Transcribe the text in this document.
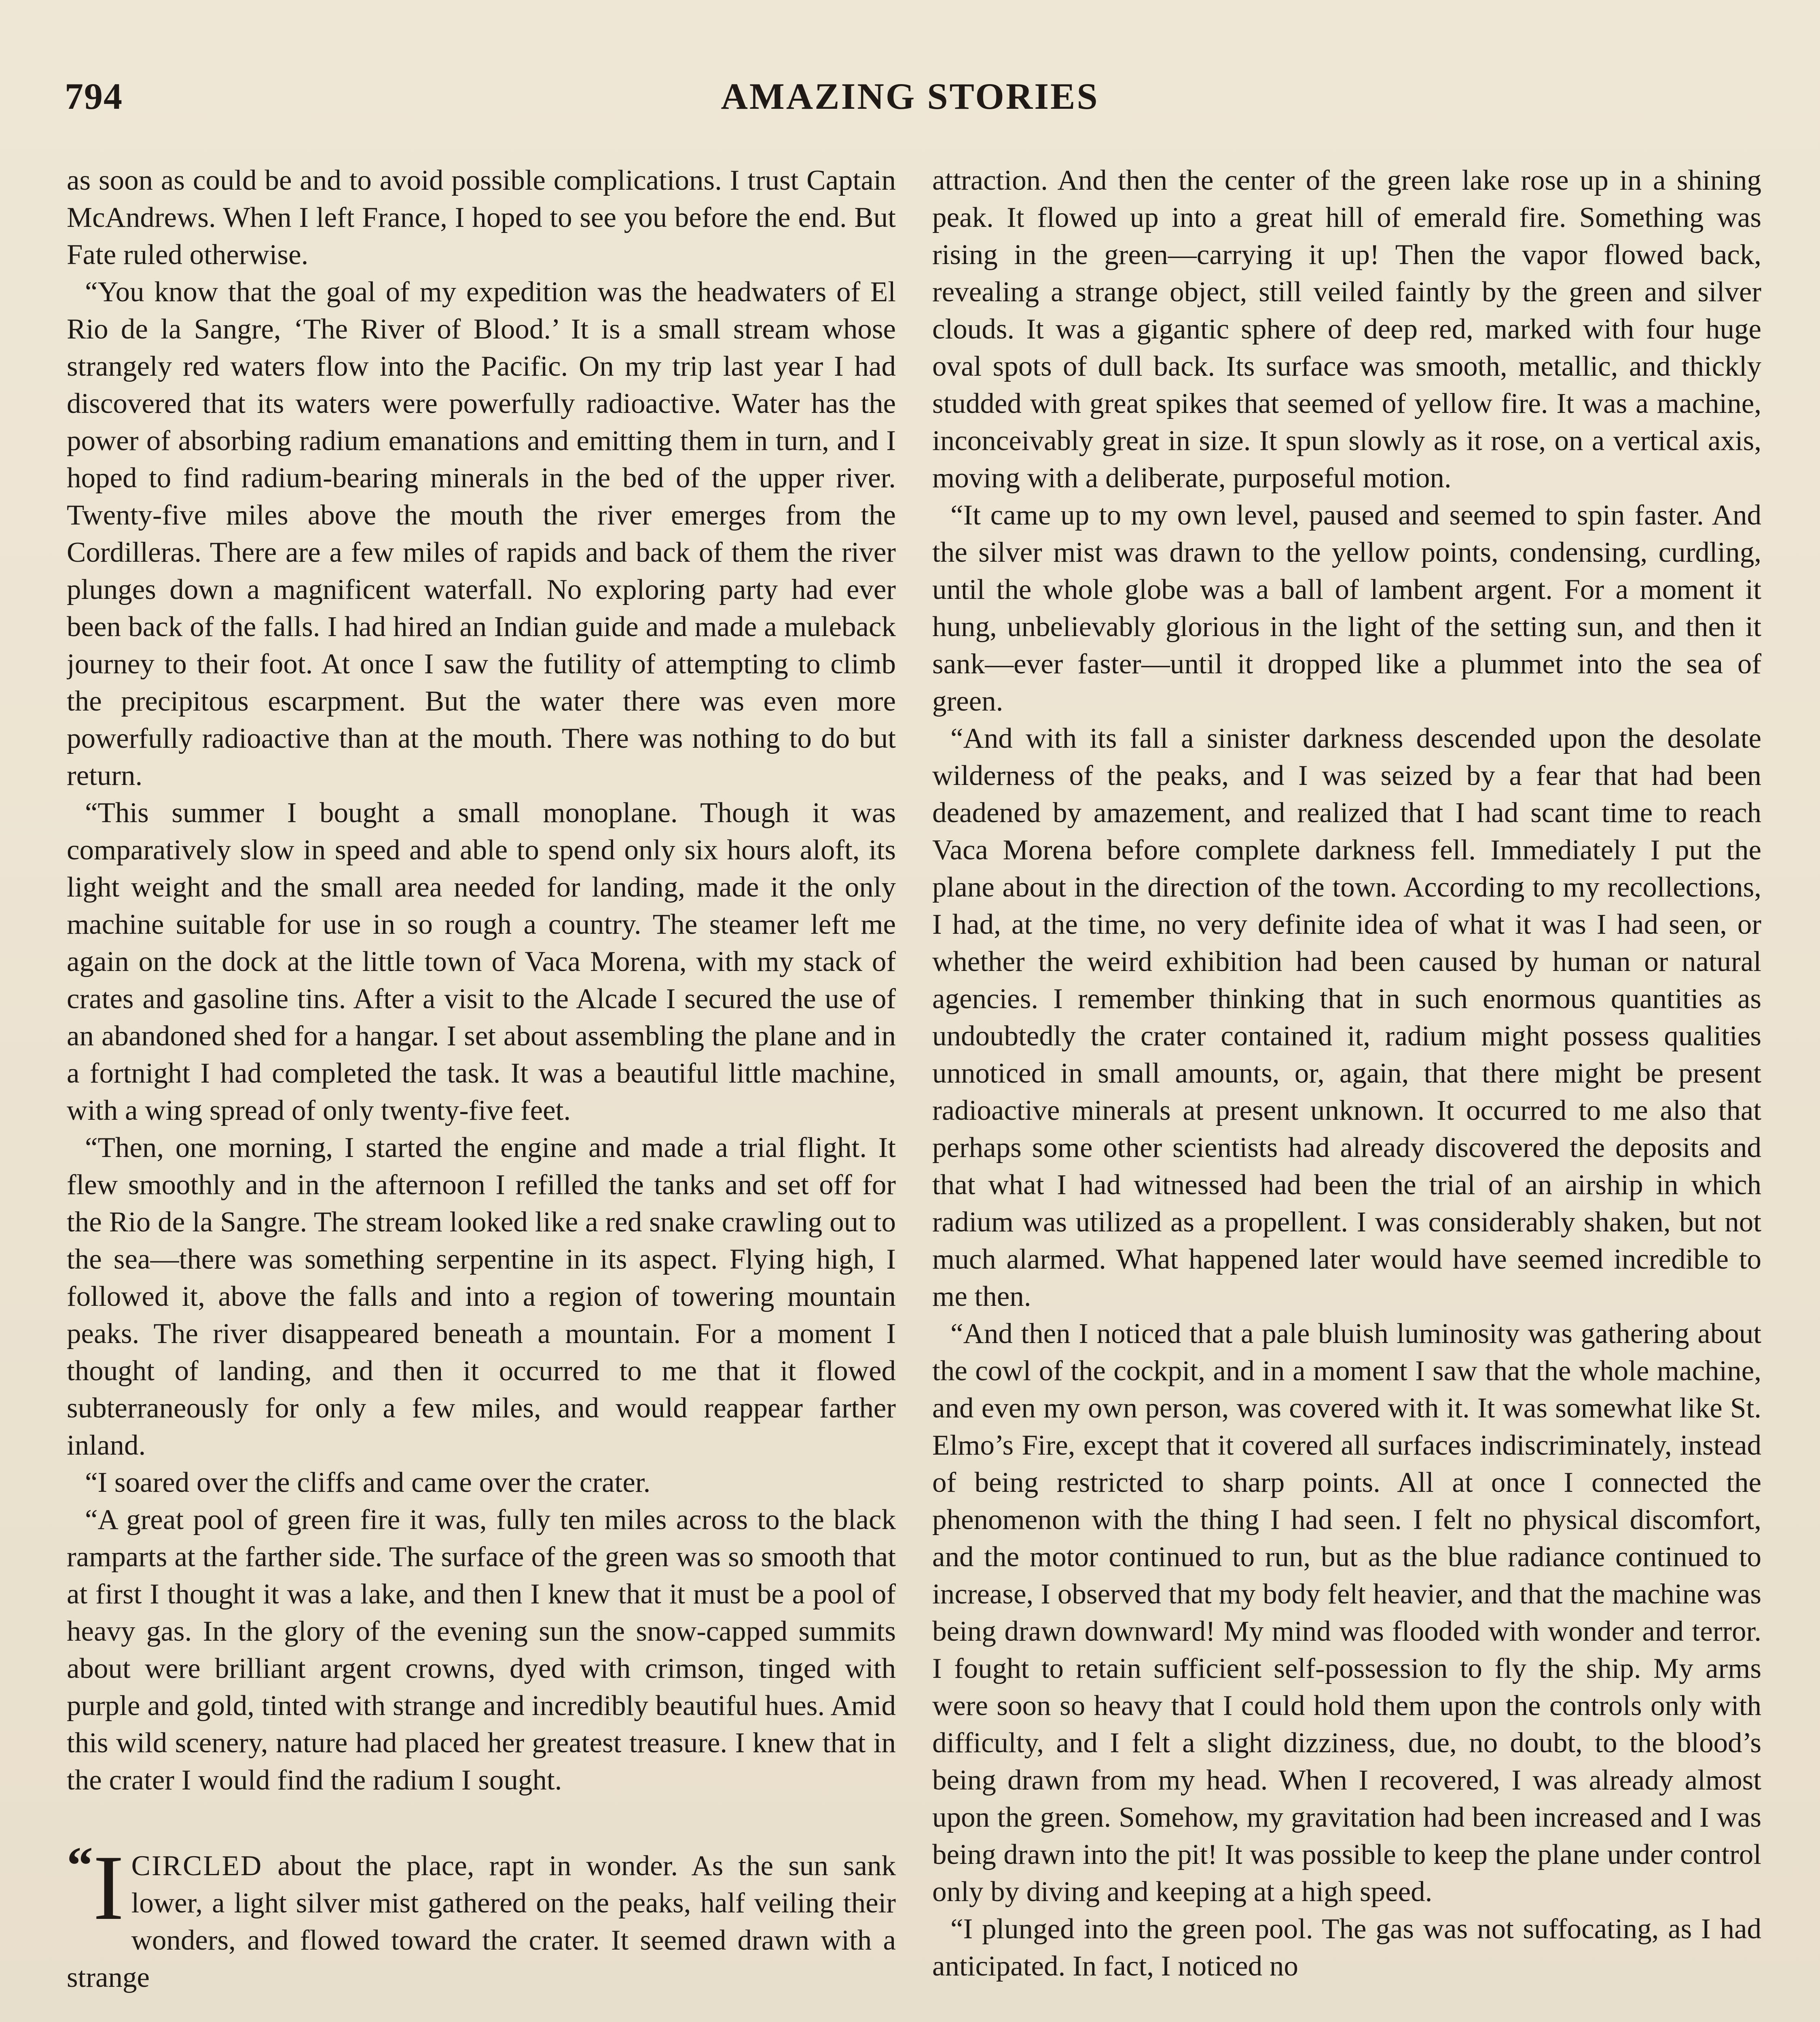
794	AMAZING STORIES

as soon as could be and to avoid possible complications. I trust Captain McAndrews. When I left France, I hoped to see you before the end. But Fate ruled otherwise.

“You know that the goal of my expedition was the headwaters of El Rio de la Sangre, ‘The River of Blood.’ It is a small stream whose strangely red waters flow into the Pacific. On my trip last year I had discovered that its waters were powerfully radioactive. Water has the power of absorbing radium emanations and emitting them in turn, and I hoped to find radium-bearing minerals in the bed of the upper river. Twenty-five miles above the mouth the river emerges from the Cordilleras. There are a few miles of rapids and back of them the river plunges down a magnificent waterfall. No exploring party had ever been back of the falls. I had hired an Indian guide and made a muleback journey to their foot. At once I saw the futility of attempting to climb the precipitous escarpment. But the water there was even more powerfully radioactive than at the mouth. There was nothing to do but return.

“This summer I bought a small monoplane. Though it was comparatively slow in speed and able to spend only six hours aloft, its light weight and the small area needed for landing, made it the only machine suitable for use in so rough a country. The steamer left me again on the dock at the little town of Vaca Morena, with my stack of crates and gasoline tins. After a visit to the Alcade I secured the use of an abandoned shed for a hangar. I set about assembling the plane and in a fortnight I had completed the task. It was a beautiful little machine, with a wing spread of only twenty-five feet.

“Then, one morning, I started the engine and made a trial flight. It flew smoothly and in the afternoon I refilled the tanks and set off for the Rio de la Sangre. The stream looked like a red snake crawling out to the sea—there was something serpentine in its aspect. Flying high, I followed it, above the falls and into a region of towering mountain peaks. The river disappeared beneath a mountain. For a moment I thought of landing, and then it occurred to me that it flowed subterraneously for only a few miles, and would reappear farther inland.

“I soared over the cliffs and came over the crater.

“A great pool of green fire it was, fully ten miles across to the black ramparts at the farther side. The surface of the green was so smooth that at first I thought it was a lake, and then I knew that it must be a pool of heavy gas. In the glory of the evening sun the snow-capped summits about were brilliant argent crowns, dyed with crimson, tinged with purple and gold, tinted with strange and incredibly beautiful hues. Amid this wild scenery, nature had placed her greatest treasure. I knew that in the crater I would find the radium I sought.

“I CIRCLED about the place, rapt in wonder. As the sun sank lower, a light silver mist gathered on the peaks, half veiling their wonders, and flowed toward the crater. It seemed drawn with a strange

attraction. And then the center of the green lake rose up in a shining peak. It flowed up into a great hill of emerald fire. Something was rising in the green—carrying it up! Then the vapor flowed back, revealing a strange object, still veiled faintly by the green and silver clouds. It was a gigantic sphere of deep red, marked with four huge oval spots of dull back. Its surface was smooth, metallic, and thickly studded with great spikes that seemed of yellow fire. It was a machine, inconceivably great in size. It spun slowly as it rose, on a vertical axis, moving with a deliberate, purposeful motion.

“It came up to my own level, paused and seemed to spin faster. And the silver mist was drawn to the yellow points, condensing, curdling, until the whole globe was a ball of lambent argent. For a moment it hung, unbelievably glorious in the light of the setting sun, and then it sank—ever faster—until it dropped like a plummet into the sea of green.

“And with its fall a sinister darkness descended upon the desolate wilderness of the peaks, and I was seized by a fear that had been deadened by amazement, and realized that I had scant time to reach Vaca Morena before complete darkness fell. Immediately I put the plane about in the direction of the town. According to my recollections, I had, at the time, no very definite idea of what it was I had seen, or whether the weird exhibition had been caused by human or natural agencies. I remember thinking that in such enormous quantities as undoubtedly the crater contained it, radium might possess qualities unnoticed in small amounts, or, again, that there might be present radioactive minerals at present unknown. It occurred to me also that perhaps some other scientists had already discovered the deposits and that what I had witnessed had been the trial of an airship in which radium was utilized as a propellent. I was considerably shaken, but not much alarmed. What happened later would have seemed incredible to me then.

“And then I noticed that a pale bluish luminosity was gathering about the cowl of the cockpit, and in a moment I saw that the whole machine, and even my own person, was covered with it. It was somewhat like St. Elmo’s Fire, except that it covered all surfaces indiscriminately, instead of being restricted to sharp points. All at once I connected the phenomenon with the thing I had seen. I felt no physical discomfort, and the motor continued to run, but as the blue radiance continued to increase, I observed that my body felt heavier, and that the machine was being drawn downward! My mind was flooded with wonder and terror. I fought to retain sufficient self-possession to fly the ship. My arms were soon so heavy that I could hold them upon the controls only with difficulty, and I felt a slight dizziness, due, no doubt, to the blood’s being drawn from my head. When I recovered, I was already almost upon the green. Somehow, my gravitation had been increased and I was being drawn into the pit! It was possible to keep the plane under control only by diving and keeping at a high speed.

“I plunged into the green pool. The gas was not suffocating, as I had anticipated. In fact, I noticed no
